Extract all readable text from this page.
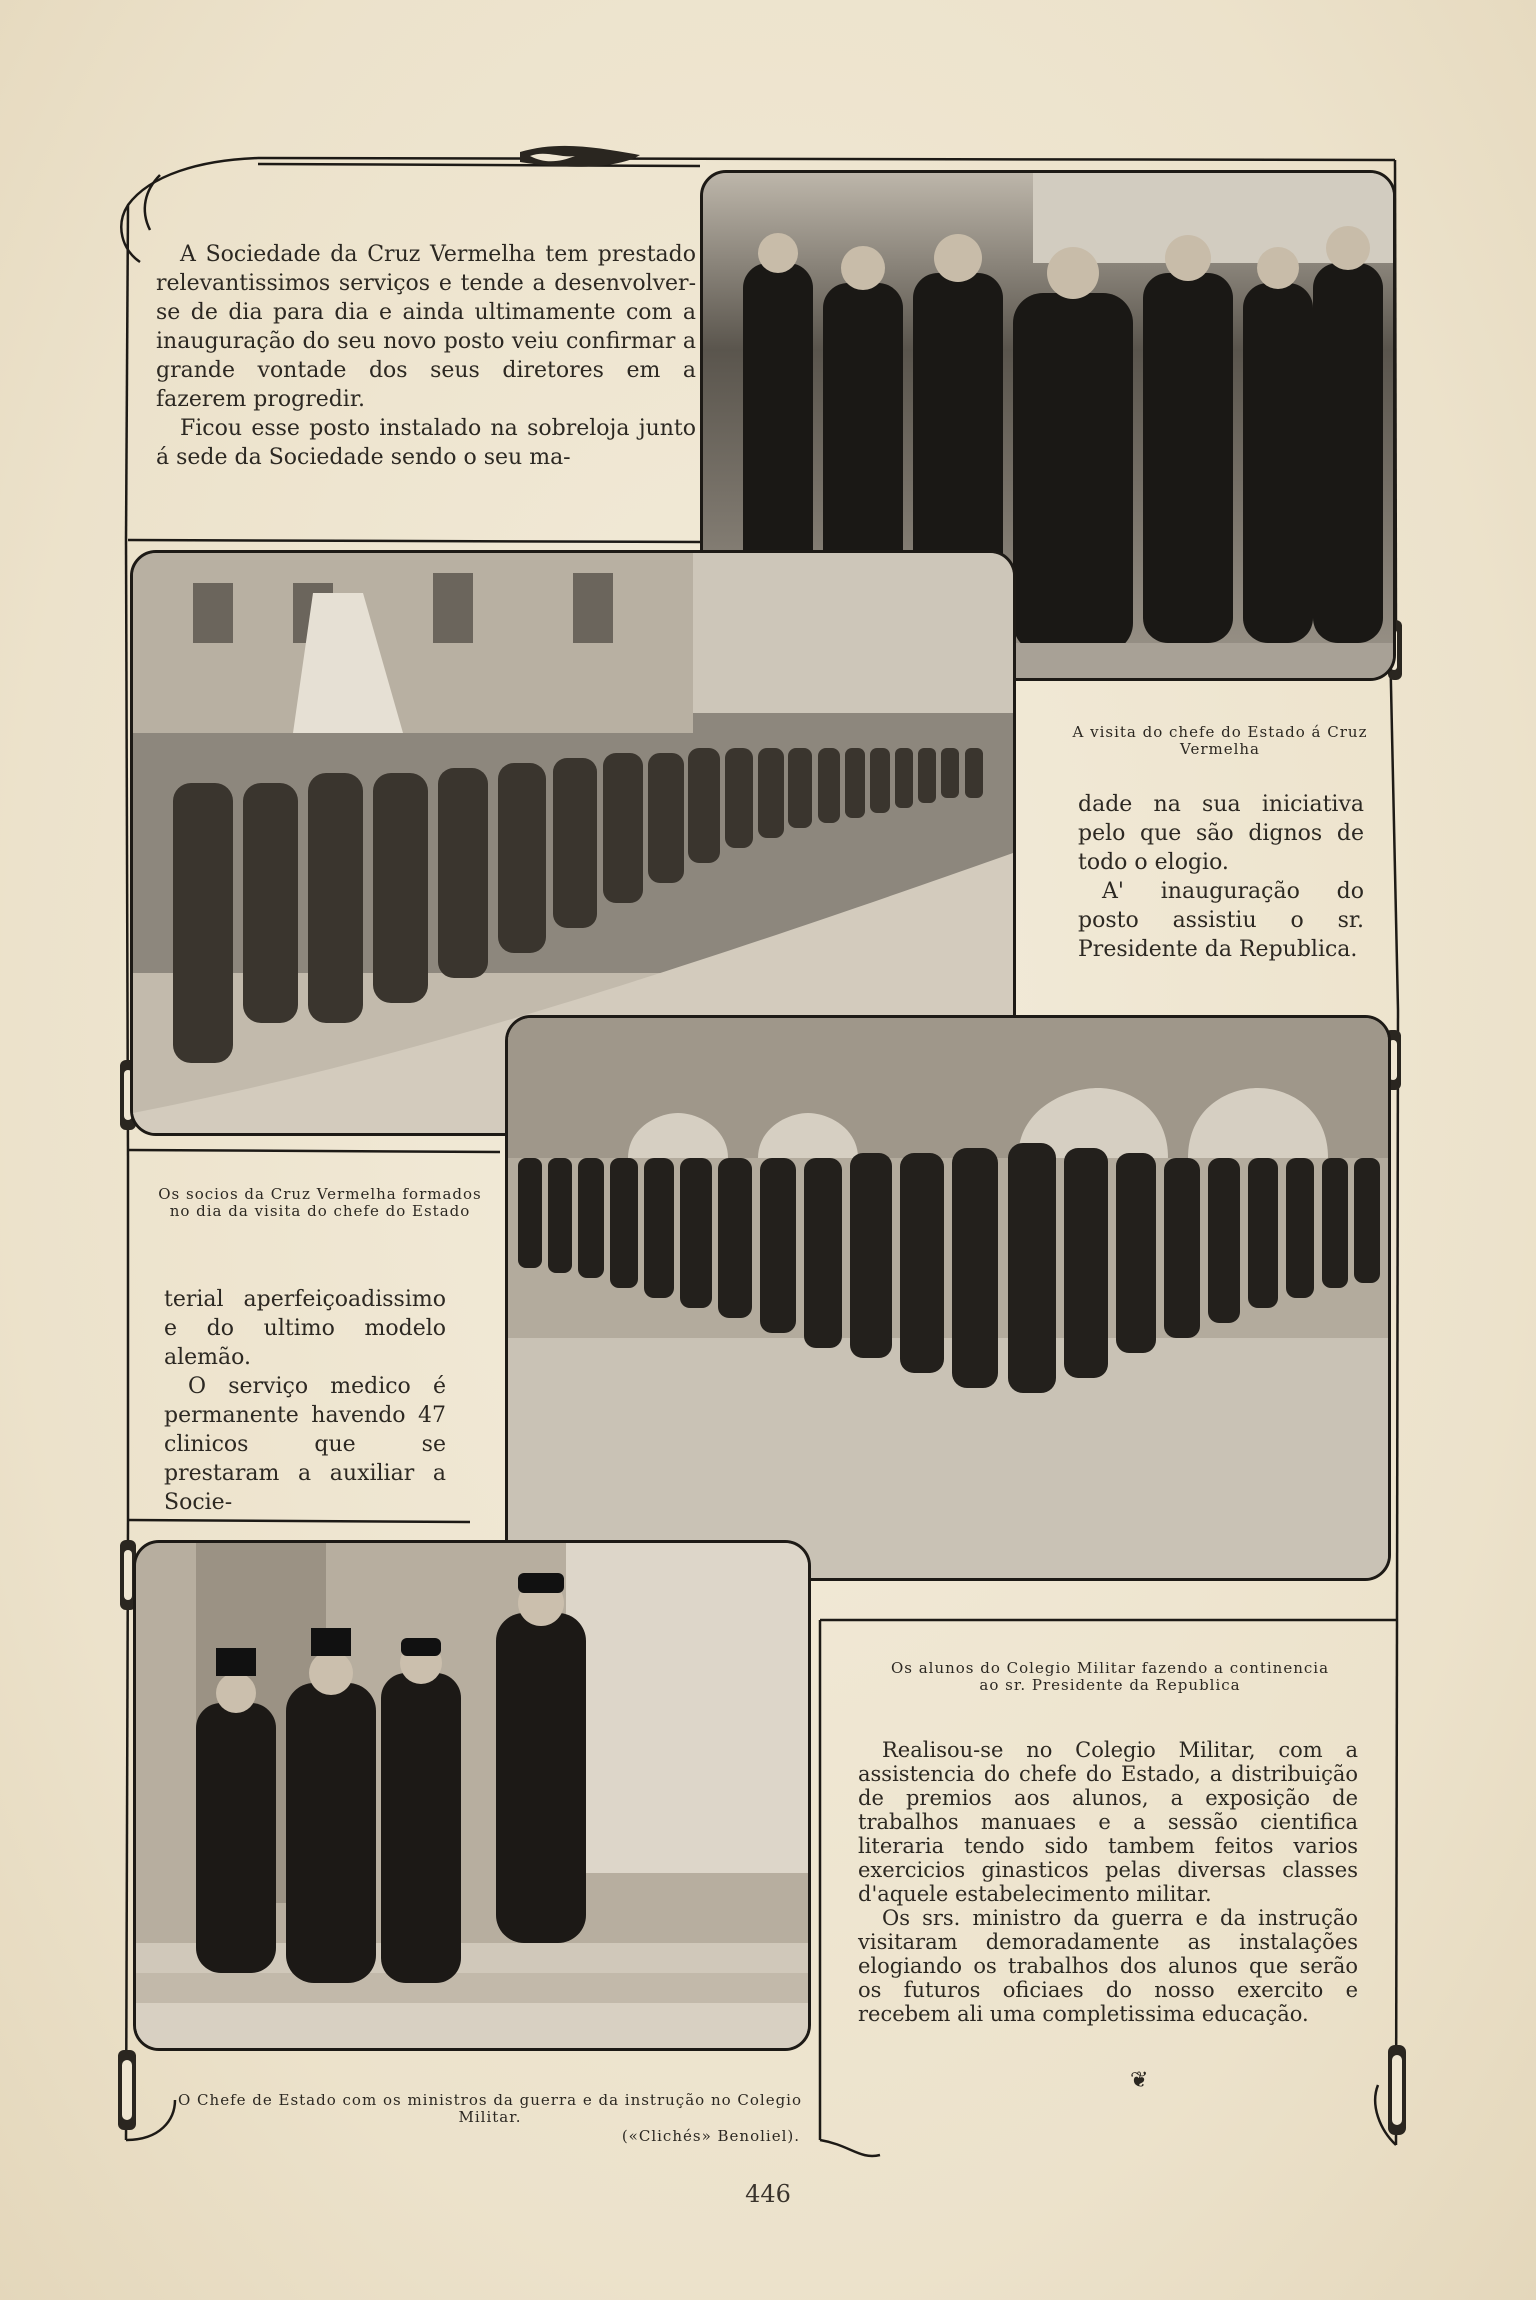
A Sociedade da Cruz Vermelha tem prestado relevantissimos serviços e tende a desenvolver-se de dia para dia e ainda ultimamente com a inauguração do seu novo posto veiu confirmar a grande vontade dos seus diretores em a fazerem progredir.

Ficou esse posto instalado na sobreloja junto á sede da Sociedade sendo o seu ma-

A visita do chefe do Estado á Cruz Vermelha

dade na sua iniciativa pelo que são dignos de todo o elogio.

A' inauguração do posto assistiu o sr. Presidente da Republica.

Os socios da Cruz Vermelha formados no dia da visita do chefe do Estado

terial aperfeiçoadissimo e do ultimo modelo alemão.

O serviço medico é permanente havendo 47 clinicos que se prestaram a auxiliar a Socie-

Os alunos do Colegio Militar fazendo a continencia ao sr. Presidente da Republica

Realisou-se no Colegio Militar, com a assistencia do chefe do Estado, a distribuição de premios aos alunos, a exposição de trabalhos manuaes e a sessão cientifica literaria tendo sido tambem feitos varios exercicios ginasticos pelas diversas classes d'aquele estabelecimento militar.

Os srs. ministro da guerra e da instrução visitaram demoradamente as instalações elogiando os trabalhos dos alunos que serão os futuros oficiaes do nosso exercito e recebem ali uma completissima educação.

❦
O Chefe de Estado com os ministros da guerra e da instrução no Colegio Militar.
(«Clichés» Benoliel).
446
